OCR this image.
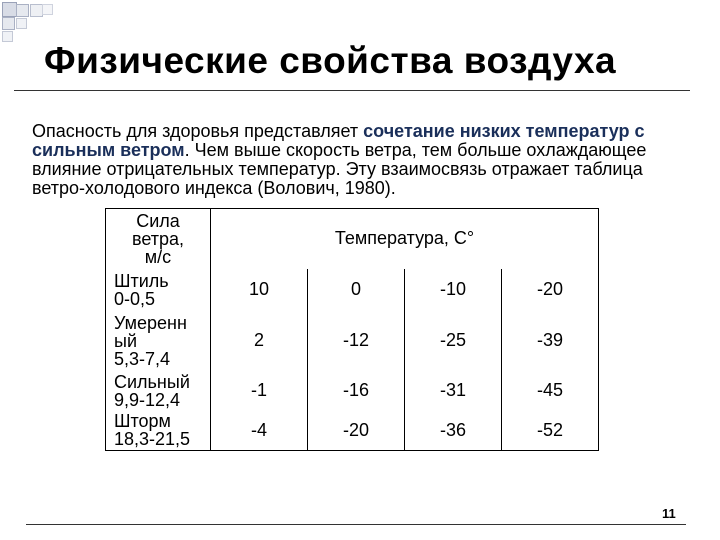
Физические свойства воздуха
Опасность для здоровья представляет сочетание низких температур с сильным ветром. Чем выше скорость ветра, тем больше охлаждающее влияние отрицательных температур. Эту взаимосвязь отражает таблица ветро-холодового индекса (Волович, 1980).
Сила
ветра,
м/с	Температура, С°			

Штиль
0-0,5	10	0	-10	-20

Умеренн
ый
5,3-7,4	2	-12	-25	-39

Сильный
9,9-12,4	-1	-16	-31	-45

Шторм
18,3-21,5	-4	-20	-36	-52
11
